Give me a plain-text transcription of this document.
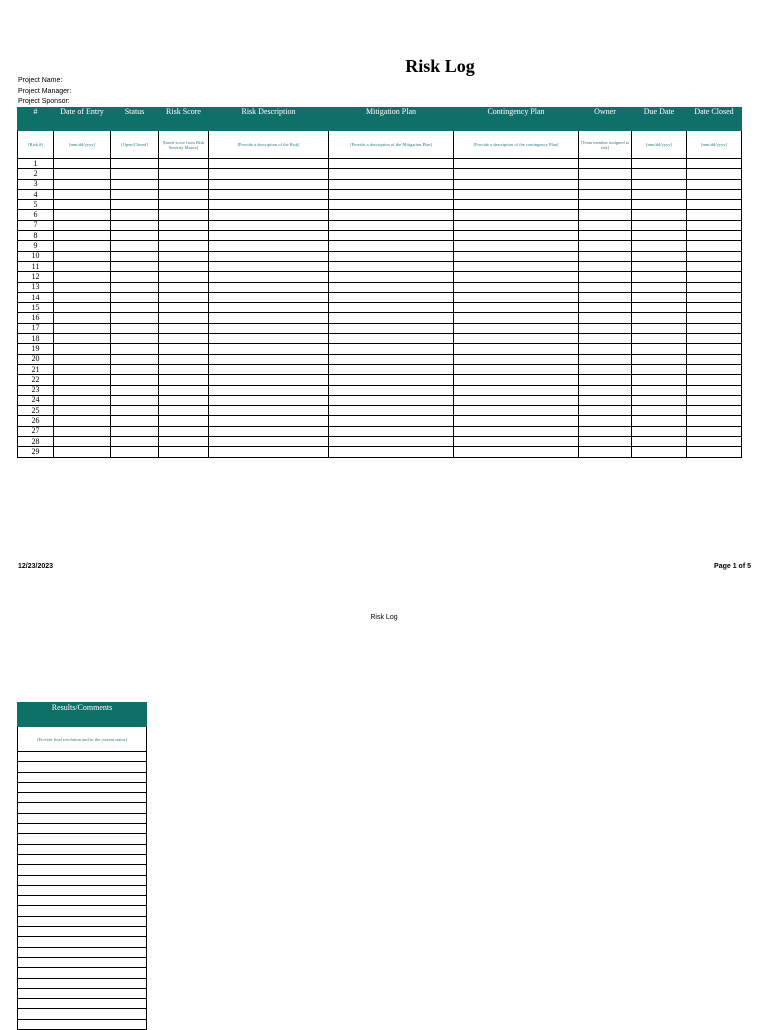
Risk Log
Project Name:
Project Manager:
Project Sponsor:
#	Date of Entry	Status	Risk Score	Risk Description	Mitigation Plan	Contingency Plan	Owner	Due Date	Date Closed

[Risk #]	[mm/dd/yyyy]	[Open/Closed]	[Insert score from Risk Severity Matrix]	[Provide a description of the Risk]	[Provide a description of the Mitigation Plan]	[Provide a description of the contingency Plan]	[Team member assigned to risk]	[mm/dd/yyyy]	[mm/dd/yyyy]
1									
2									
3									
4									
5									
6									
7									
8									
9									
10									
11									
12									
13									
14									
15									
16									
17									
18									
19									
20									
21									
22									
23									
24									
25									
26									
27									
28									
29									
12/23/2023	Page 1 of 5
Risk Log
Results/Comments

[Provide final resolution and/or the current status]
